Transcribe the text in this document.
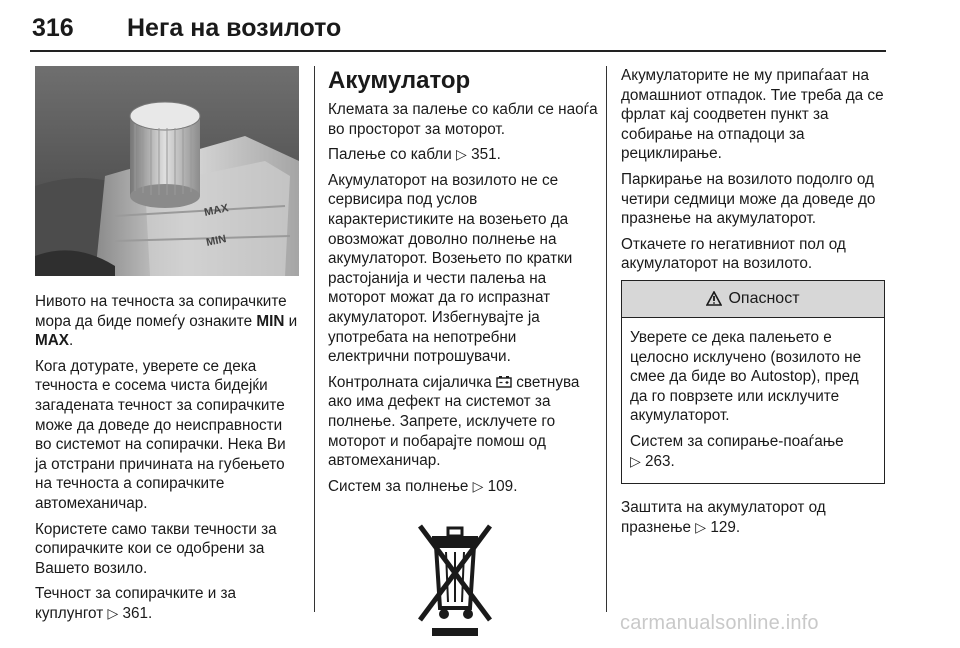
316 Нега на возилото
MAX
MIN

Нивото на течноста за сопирачките мора да биде помеѓу ознаките MIN и MAX.

Кога дотурате, уверете се дека течноста е сосема чиста бидејќи загадената течност за сопирачките може да доведе до неисправности во системот на сопирачки. Нека Ви ја отстрани причината на губењето на течноста а сопирачките автомеханичар.

Користете само такви течности за сопирачките кои се одобрени за Вашето возило.

Течност за сопирачките и за куплунгот ▷ 361.

Акумулатор

Клемата за палење со кабли се наоѓа во просторот за моторот.

Палење со кабли ▷ 351.

Акумулаторот на возилото не се сервисира под услов карактеристиките на возењето да овозможат доволно полнење на акумулаторот. Возењето по кратки растојанија и чести палења на моторот можат да го испразнат акумулаторот. Избегнувајте ја употребата на непотребни електрични потрошувачи.

Контролната сијаличка  светнува ако има дефект на системот за полнење. Запрете, исклучете го моторот и побарајте помош од автомеханичар.

Систем за полнење ▷ 109.

Акумулаторите не му припаѓаат на домашниот отпадок. Тие треба да се фрлат кај соодветен пункт за собирање на отпадоци за рециклирање.

Паркирање на возилото подолго од четири седмици може да доведе до празнење на акумулаторот.

Откачете го негативниот пол од акумулаторот на возилото.

Опасност

Уверете се дека палењето е целосно исклучено (возилото не смее да биде во Autostop), пред да го поврзете или исклучите акумулаторот.

Систем за сопирање-поаѓање
▷ 263.

Заштита на акумулаторот од празнење ▷ 129.

carmanualsonline.info
